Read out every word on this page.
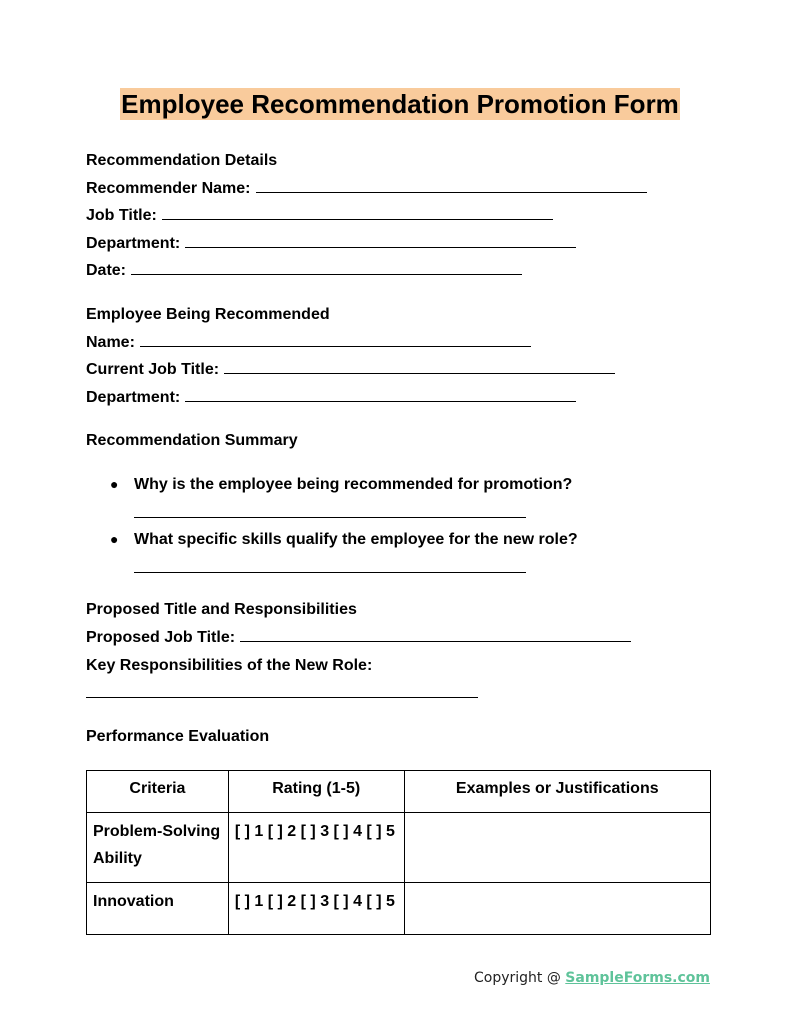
Employee Recommendation Promotion Form
Recommendation Details
Recommender Name:
Job Title:
Department:
Date:
Employee Being Recommended
Name:
Current Job Title:
Department:
Recommendation Summary
● Why is the employee being recommended for promotion?
● What specific skills qualify the employee for the new role?
Proposed Title and Responsibilities
Proposed Job Title:
Key Responsibilities of the New Role:
Performance Evaluation
Criteria	Rating (1-5)	Examples or Justifications
Problem-Solving Ability	[ ] 1 [ ] 2 [ ] 3 [ ] 4 [ ] 5	
Innovation	[ ] 1 [ ] 2 [ ] 3 [ ] 4 [ ] 5	
Copyright @ SampleForms.com
